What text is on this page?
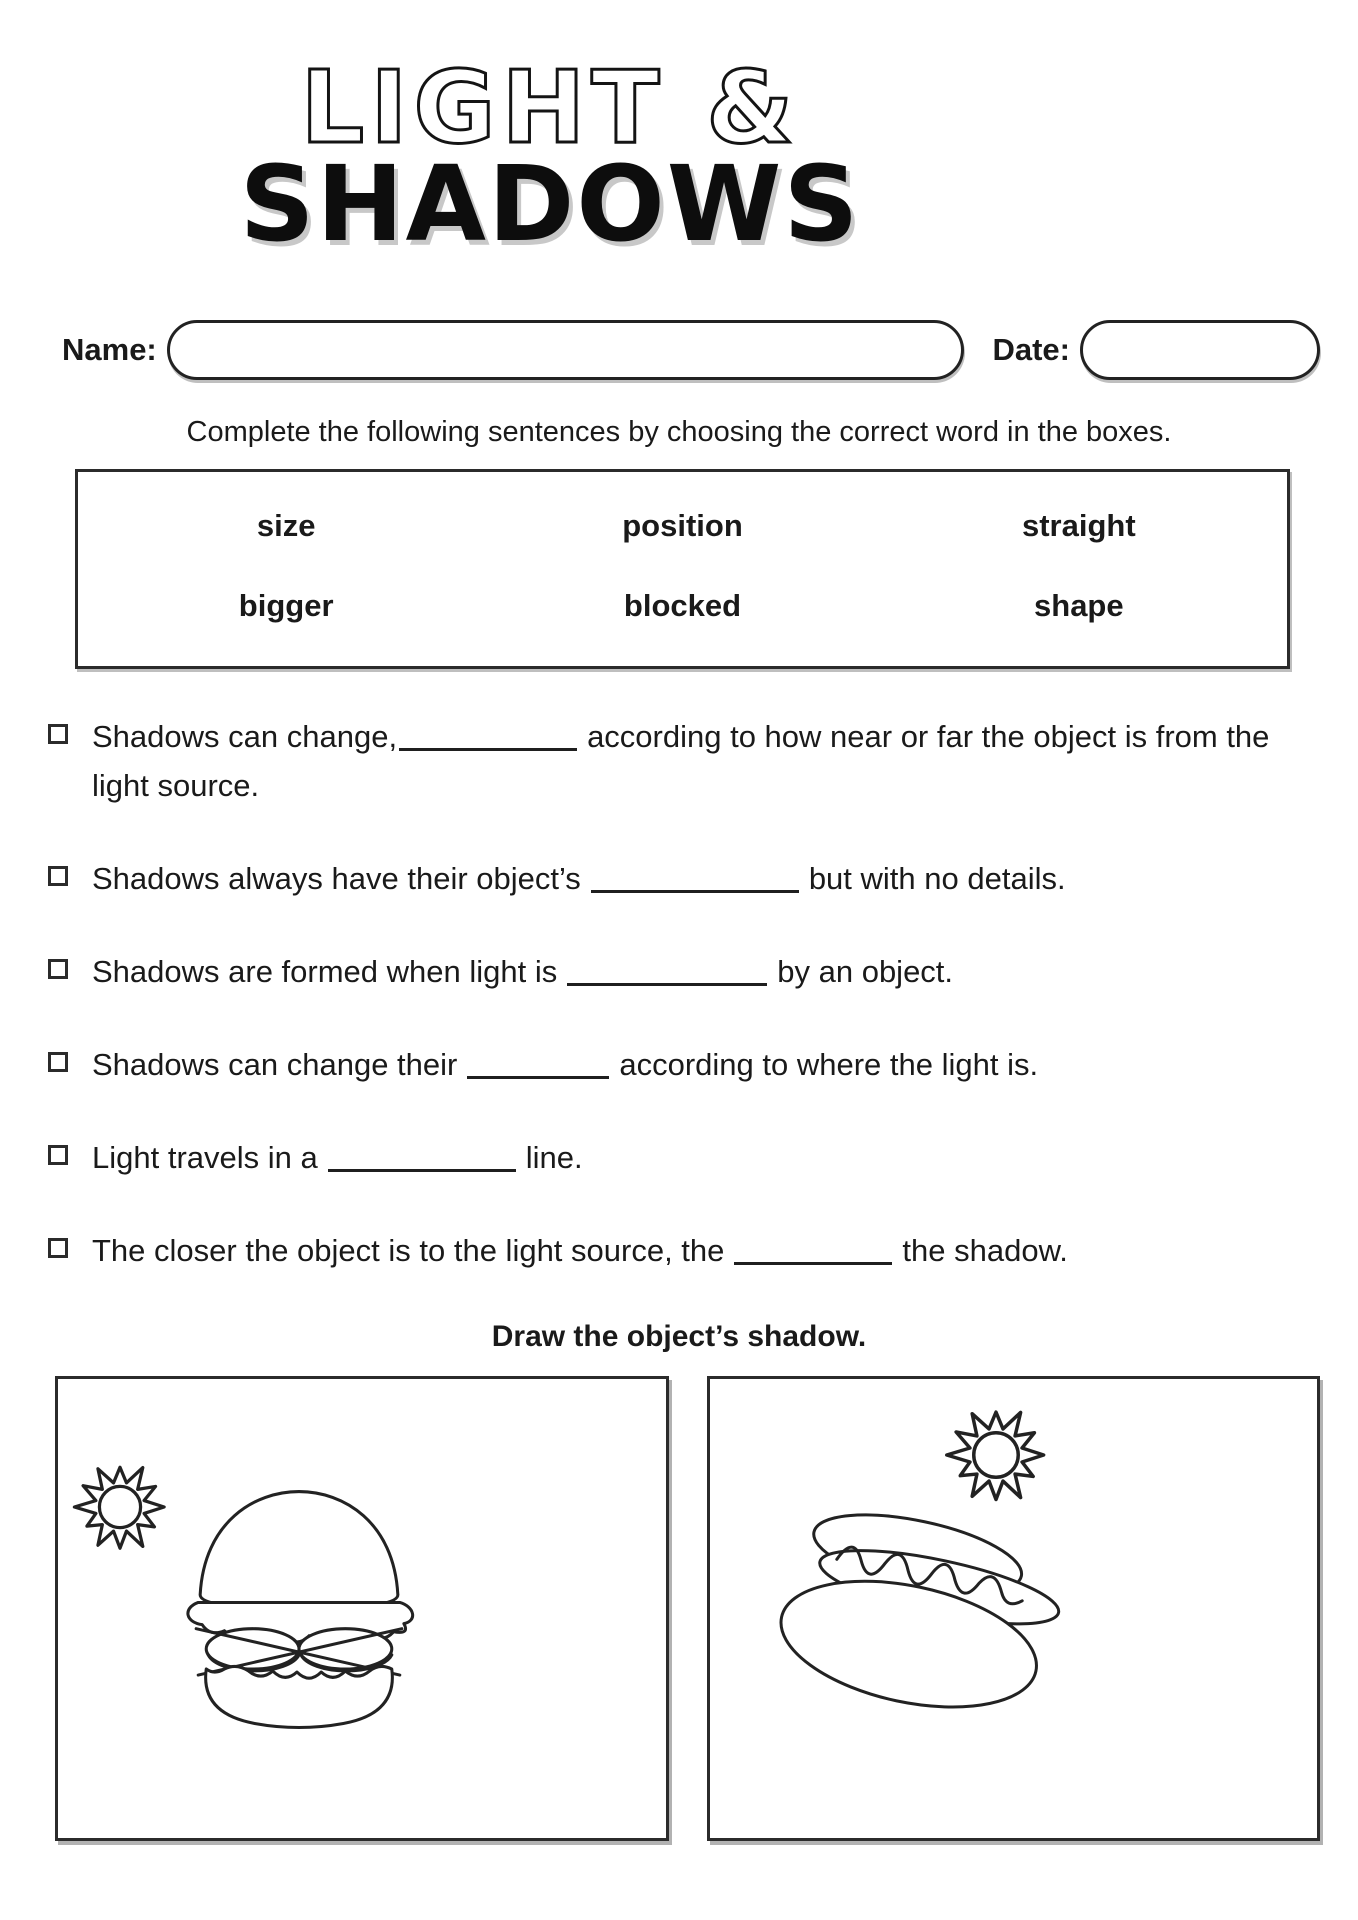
LIGHT &
SHADOWS
Name:	Date:

Complete the following sentences by choosing the correct word in the boxes.

size	position	straight
bigger	blocked	shape
Shadows can change,	according to how near or far the object is from the light source.
Shadows always have their object’s	but with no details.
Shadows are formed when light is	by an object.
Shadows can change their	according to where the light is.
Light travels in a	line.
The closer the object is to the light source, the	the shadow.

Draw the object’s shadow.
